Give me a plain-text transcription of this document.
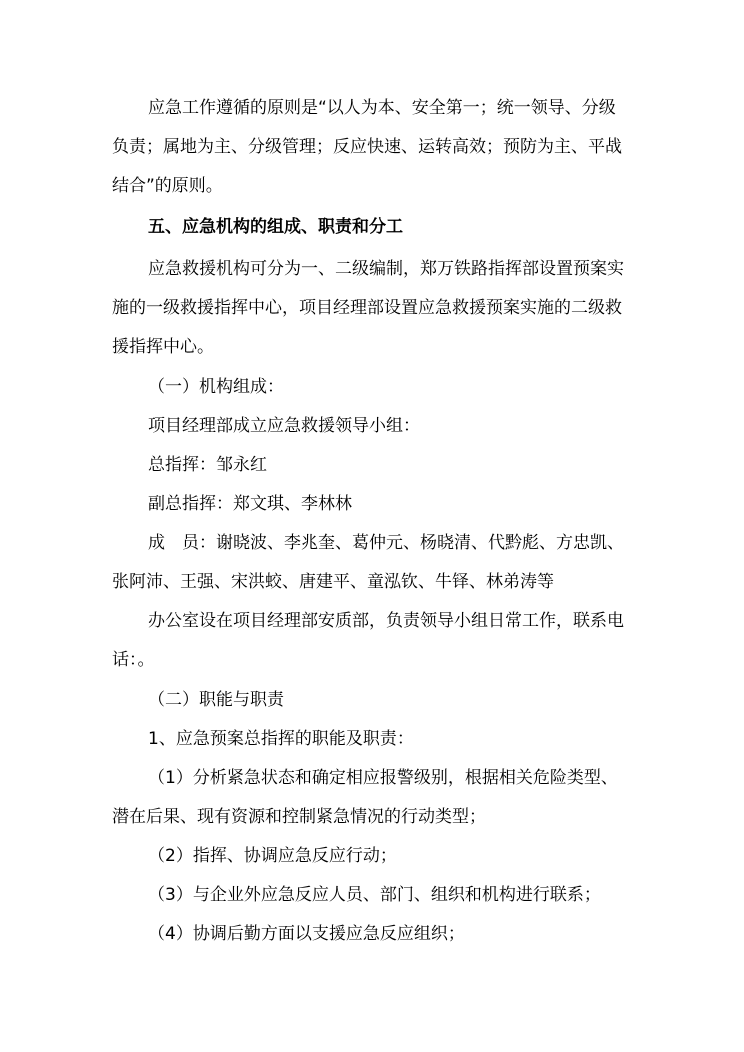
应急工作遵循的原则是“以人为本、安全第一；统一领导、分级
负责；属地为主、分级管理；反应快速、运转高效；预防为主、平战
结合”的原则。
五、应急机构的组成、职责和分工
应急救援机构可分为一、二级编制，郑万铁路指挥部设置预案实
施的一级救援指挥中心，项目经理部设置应急救援预案实施的二级救
援指挥中心。
（一）机构组成：
项目经理部成立应急救援领导小组：
总指挥：邹永红
副总指挥：郑文琪、李林林
成　员：谢晓波、李兆奎、葛仲元、杨晓清、代黔彪、方忠凯、
张阿沛、王强、宋洪蛟、唐建平、童泓钦、牛铎、林弟涛等
办公室设在项目经理部安质部，负责领导小组日常工作，联系电
话：。
（二）职能与职责
1、应急预案总指挥的职能及职责：
（1）分析紧急状态和确定相应报警级别，根据相关危险类型、
潜在后果、现有资源和控制紧急情况的行动类型；
（2）指挥、协调应急反应行动；
（3）与企业外应急反应人员、部门、组织和机构进行联系；
（4）协调后勤方面以支援应急反应组织；
